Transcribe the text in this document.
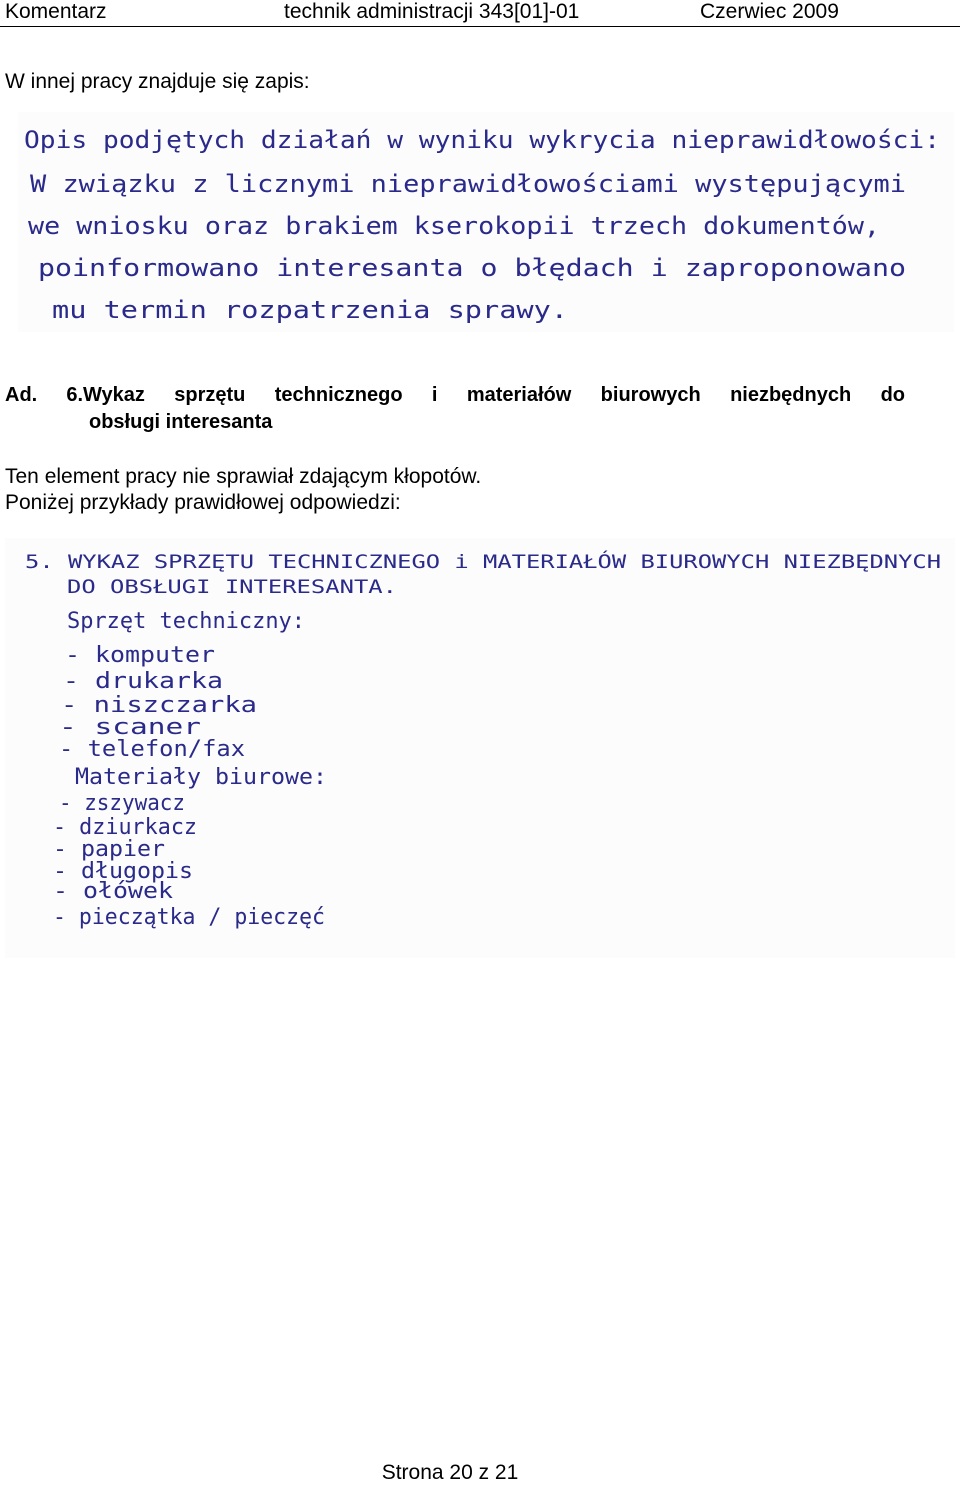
Komentarz	technik administracji 343[01]-01	Czerwiec 2009
W innej pracy znajduje się zapis:
Opis podjętych działań w wyniku wykrycia nieprawidłowości:
W związku z licznymi nieprawidłowościami występującymi
we wniosku oraz brakiem kserokopii trzech dokumentów,
poinformowano interesanta o błędach i zaproponowano
mu termin rozpatrzenia sprawy.
Ad. 6.Wykaz sprzętu technicznego i materiałów biurowych niezbędnych do
obsługi interesanta
Ten element pracy nie sprawiał zdającym kłopotów.
Poniżej przykłady prawidłowej odpowiedzi:
5. WYKAZ SPRZĘTU TECHNICZNEGO i MATERIAŁÓW BIUROWYCH NIEZBĘDNYCH
DO OBSŁUGI INTERESANTA.
Sprzęt techniczny:
- komputer
- drukarka
- niszczarka
- scaner
- telefon/fax
Materiały biurowe:
- zszywacz
- dziurkacz
- papier
- długopis
- ołówek
- pieczątka / pieczęć
Strona 20 z 21
